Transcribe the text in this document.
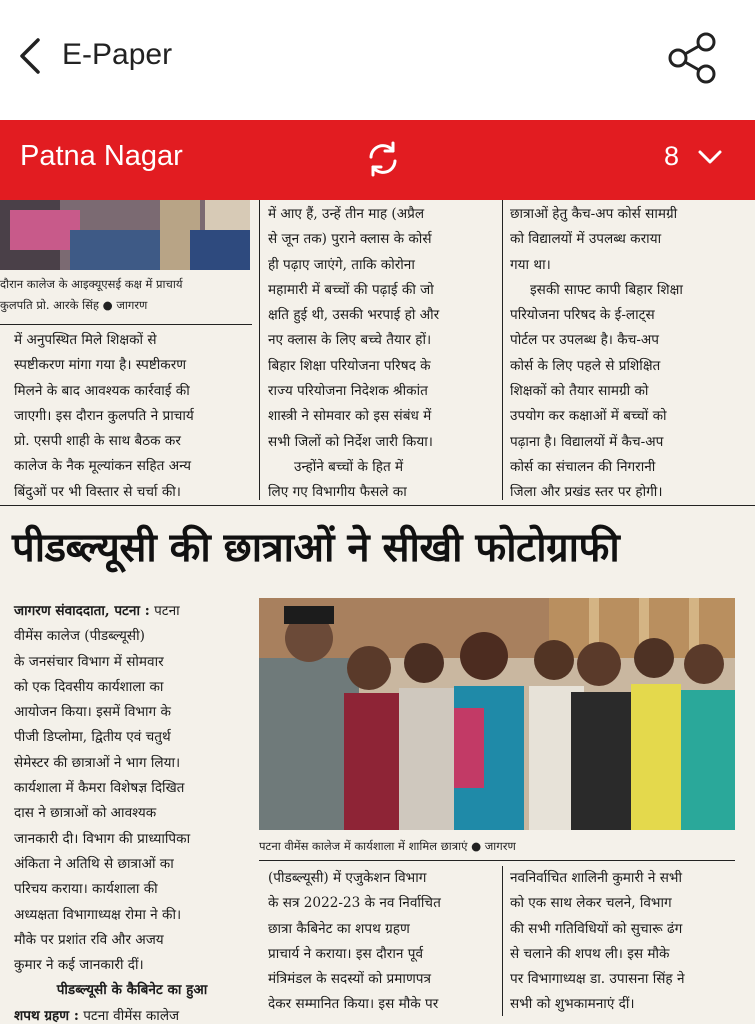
E-Paper
Patna Nagar	8

दौरान कालेज के आइक्यूएसई कक्ष में प्राचार्य

कुलपति प्रो. आरके सिंह ● जागरण

में अनुपस्थित मिले शिक्षकों से

स्पष्टीकरण मांगा गया है। स्पष्टीकरण

मिलने के बाद आवश्यक कार्रवाई की

जाएगी। इस दौरान कुलपति ने प्राचार्य

प्रो. एसपी शाही के साथ बैठक कर

कालेज के नैक मूल्यांकन सहित अन्य

बिंदुओं पर भी विस्तार से चर्चा की।

में आए हैं, उन्हें तीन माह (अप्रैल

से जून तक) पुराने क्लास के कोर्स

ही पढ़ाए जाएंगे, ताकि कोरोना

महामारी में बच्चों की पढ़ाई की जो

क्षति हुई थी, उसकी भरपाई हो और

नए क्लास के लिए बच्चे तैयार हों।

बिहार शिक्षा परियोजना परिषद के

राज्य परियोजना निदेशक श्रीकांत

शास्त्री ने सोमवार को इस संबंध में

सभी जिलों को निर्देश जारी किया।

उन्होंने बच्चों के हित में

लिए गए विभागीय फैसले का

छात्राओं हेतु कैच-अप कोर्स सामग्री

को विद्यालयों में उपलब्ध कराया

गया था।

इसकी साफ्ट कापी बिहार शिक्षा

परियोजना परिषद के ई-लाट्स

पोर्टल पर उपलब्ध है। कैच-अप

कोर्स के लिए पहले से प्रशिक्षित

शिक्षकों को तैयार सामग्री को

उपयोग कर कक्षाओं में बच्चों को

पढ़ाना है। विद्यालयों में कैच-अप

कोर्स का संचालन की निगरानी

जिला और प्रखंड स्तर पर होगी।

पीडब्ल्यूसी की छात्राओं ने सीखी फोटोग्राफी

जागरण संवाददाता, पटना : पटना

वीमेंस कालेज (पीडब्ल्यूसी)

के जनसंचार विभाग में सोमवार

को एक दिवसीय कार्यशाला का

आयोजन किया। इसमें विभाग के

पीजी डिप्लोमा, द्वितीय एवं चतुर्थ

सेमेस्टर की छात्राओं ने भाग लिया।

कार्यशाला में कैमरा विशेषज्ञ दिखित

दास ने छात्राओं को आवश्यक

जानकारी दी। विभाग की प्राध्यापिका

अंकिता ने अतिथि से छात्राओं का

परिचय कराया। कार्यशाला की

अध्यक्षता विभागाध्यक्ष रोमा ने की।

मौके पर प्रशांत रवि और अजय

कुमार ने कई जानकारी दीं।

पीडब्ल्यूसी के कैबिनेट का हुआ

शपथ ग्रहण : पटना वीमेंस कालेज

पटना वीमेंस कालेज में कार्यशाला में शामिल छात्राएं ● जागरण

(पीडब्ल्यूसी) में एजुकेशन विभाग

के सत्र 2022-23 के नव निर्वाचित

छात्रा कैबिनेट का शपथ ग्रहण

प्राचार्य ने कराया। इस दौरान पूर्व

मंत्रिमंडल के सदस्यों को प्रमाणपत्र

देकर सम्मानित किया। इस मौके पर

नवनिर्वाचित शालिनी कुमारी ने सभी

को एक साथ लेकर चलने, विभाग

की सभी गतिविधियों को सुचारू ढंग

से चलाने की शपथ ली। इस मौके

पर विभागाध्यक्ष डा. उपासना सिंह ने

सभी को शुभकामनाएं दीं।
